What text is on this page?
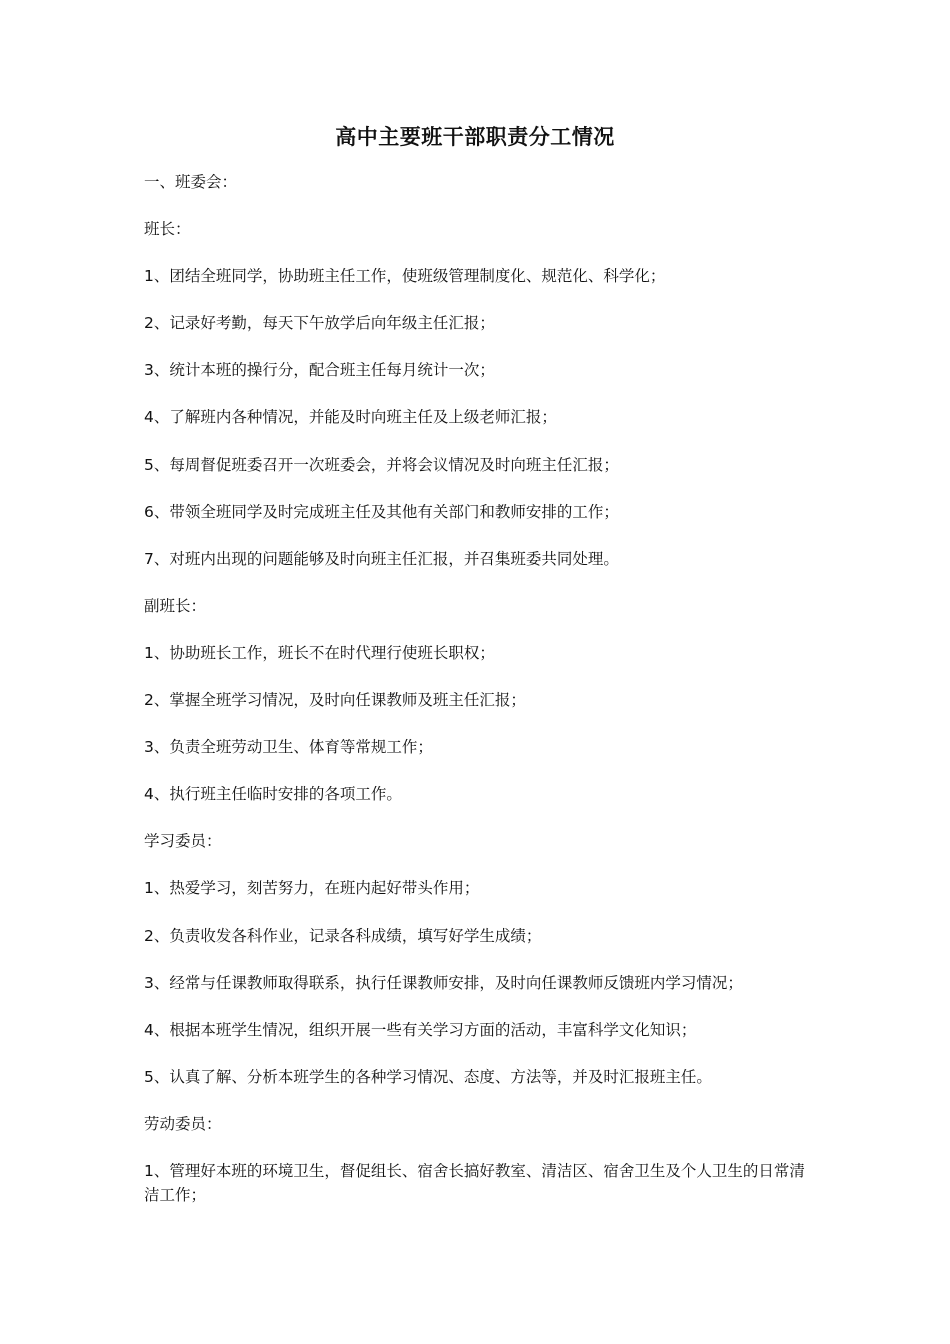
高中主要班干部职责分工情况

一、班委会：

班长：

1、团结全班同学，协助班主任工作，使班级管理制度化、规范化、科学化；

2、记录好考勤，每天下午放学后向年级主任汇报；

3、统计本班的操行分，配合班主任每月统计一次；

4、了解班内各种情况，并能及时向班主任及上级老师汇报；

5、每周督促班委召开一次班委会，并将会议情况及时向班主任汇报；

6、带领全班同学及时完成班主任及其他有关部门和教师安排的工作；

7、对班内出现的问题能够及时向班主任汇报，并召集班委共同处理。

副班长：

1、协助班长工作，班长不在时代理行使班长职权；

2、掌握全班学习情况，及时向任课教师及班主任汇报；

3、负责全班劳动卫生、体育等常规工作；

4、执行班主任临时安排的各项工作。

学习委员：

1、热爱学习，刻苦努力，在班内起好带头作用；

2、负责收发各科作业，记录各科成绩，填写好学生成绩；

3、经常与任课教师取得联系，执行任课教师安排，及时向任课教师反馈班内学习情况；

4、根据本班学生情况，组织开展一些有关学习方面的活动，丰富科学文化知识；

5、认真了解、分析本班学生的各种学习情况、态度、方法等，并及时汇报班主任。

劳动委员：

1、管理好本班的环境卫生，督促组长、宿舍长搞好教室、清洁区、宿舍卫生及个人卫生的日常清洁工作；
